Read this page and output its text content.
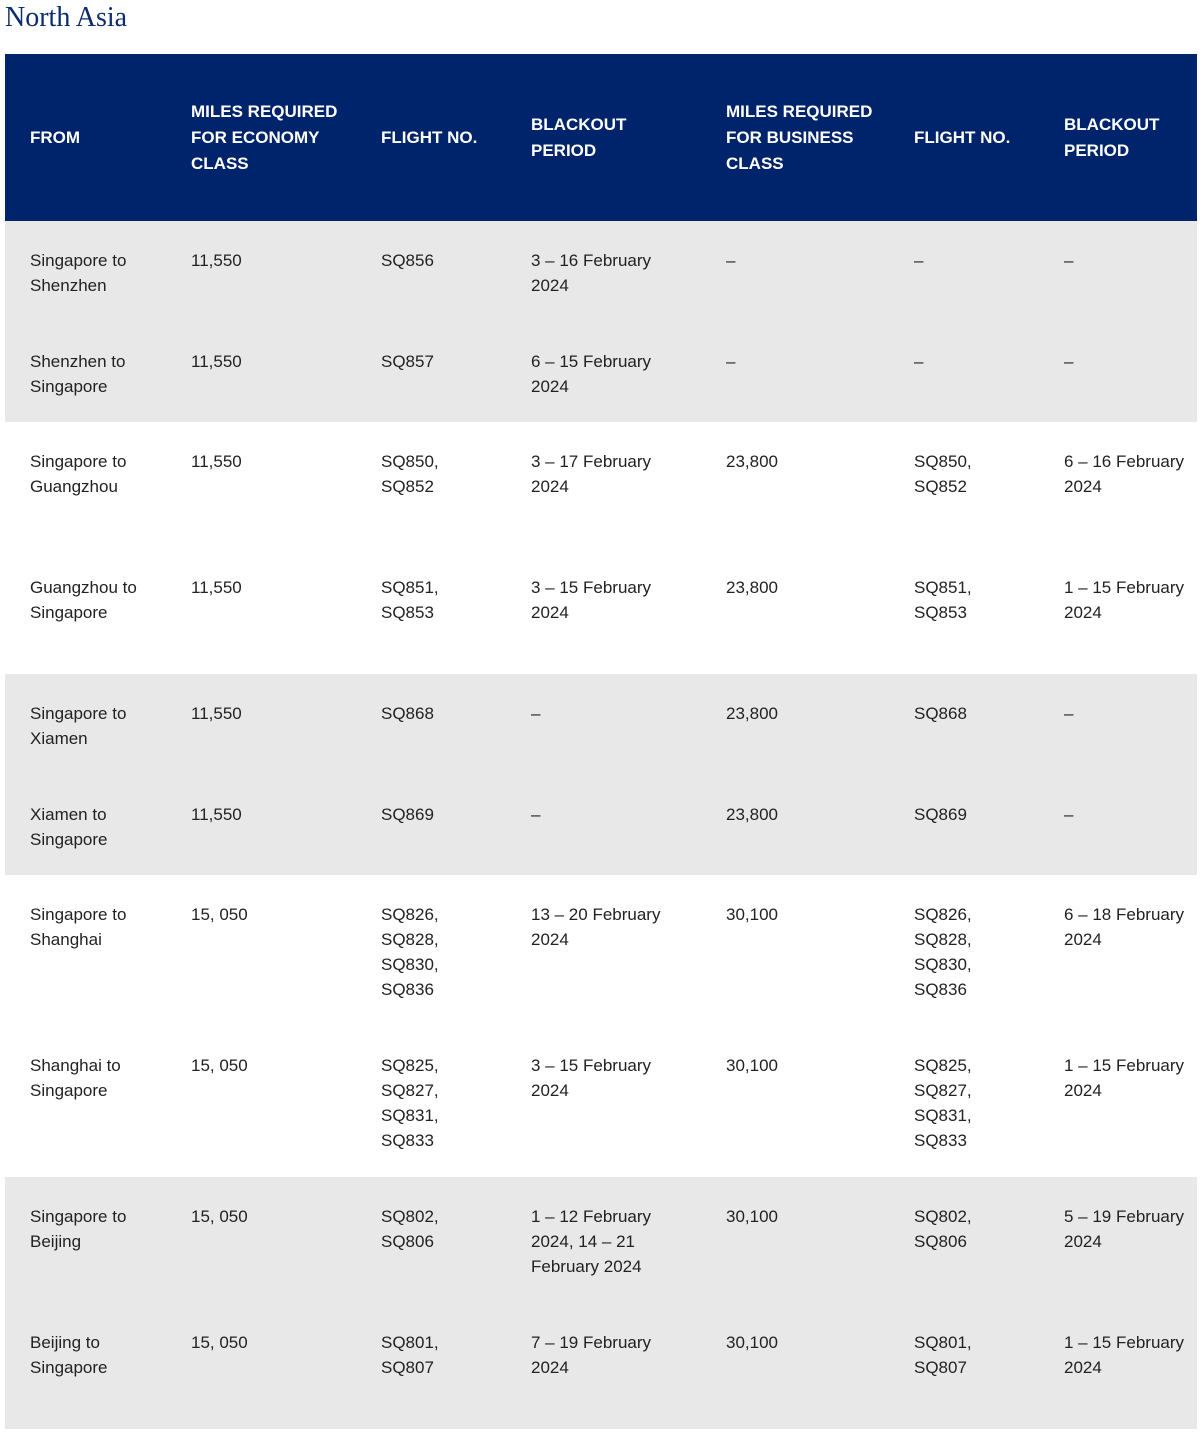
North Asia
FROM	MILES REQUIRED FOR ECONOMY CLASS	FLIGHT NO.	BLACKOUT PERIOD	MILES REQUIRED FOR BUSINESS CLASS	FLIGHT NO.	BLACKOUT PERIOD
Singapore to Shenzhen	11,550	SQ856	3 – 16 February 2024	–	–	–
Shenzhen to Singapore	11,550	SQ857	6 – 15 February 2024	–	–	–
Singapore to Guangzhou	11,550	SQ850, SQ852	3 – 17 February 2024	23,800	SQ850, SQ852	6 – 16 February 2024
Guangzhou to Singapore	11,550	SQ851, SQ853	3 – 15 February 2024	23,800	SQ851, SQ853	1 – 15 February 2024
Singapore to Xiamen	11,550	SQ868	–	23,800	SQ868	–
Xiamen to Singapore	11,550	SQ869	–	23,800	SQ869	–
Singapore to Shanghai	15, 050	SQ826, SQ828, SQ830, SQ836	13 – 20 February 2024	30,100	SQ826, SQ828, SQ830, SQ836	6 – 18 February 2024
Shanghai to Singapore	15, 050	SQ825, SQ827, SQ831, SQ833	3 – 15 February 2024	30,100	SQ825, SQ827, SQ831, SQ833	1 – 15 February 2024
Singapore to Beijing	15, 050	SQ802, SQ806	1 – 12 February 2024, 14 – 21 February 2024	30,100	SQ802, SQ806	5 – 19 February 2024
Beijing to Singapore	15, 050	SQ801, SQ807	7 – 19 February 2024	30,100	SQ801, SQ807	1 – 15 February 2024
